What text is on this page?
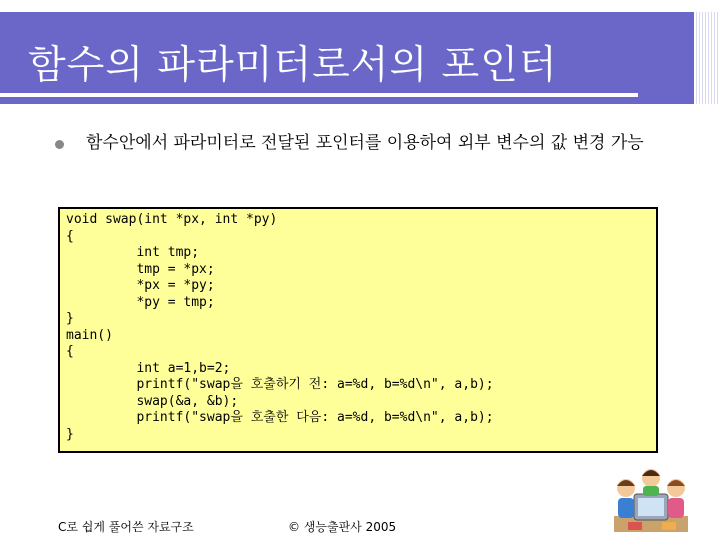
함수의 파라미터로서의 포인터
함수안에서 파라미터로 전달된 포인터를 이용하여 외부 변수의 값 변경 가능
void swap(int *px, int *py)
{
int tmp;
tmp = *px;
*px = *py;
*py = tmp;
}
main()
{
int a=1,b=2;
printf("swap을 호출하기 전: a=%d, b=%d\n", a,b);
swap(&a, &b);
printf("swap을 호출한 다음: a=%d, b=%d\n", a,b);
}
C로 쉽게 풀어쓴 자료구조	© 생능출판사 2005
